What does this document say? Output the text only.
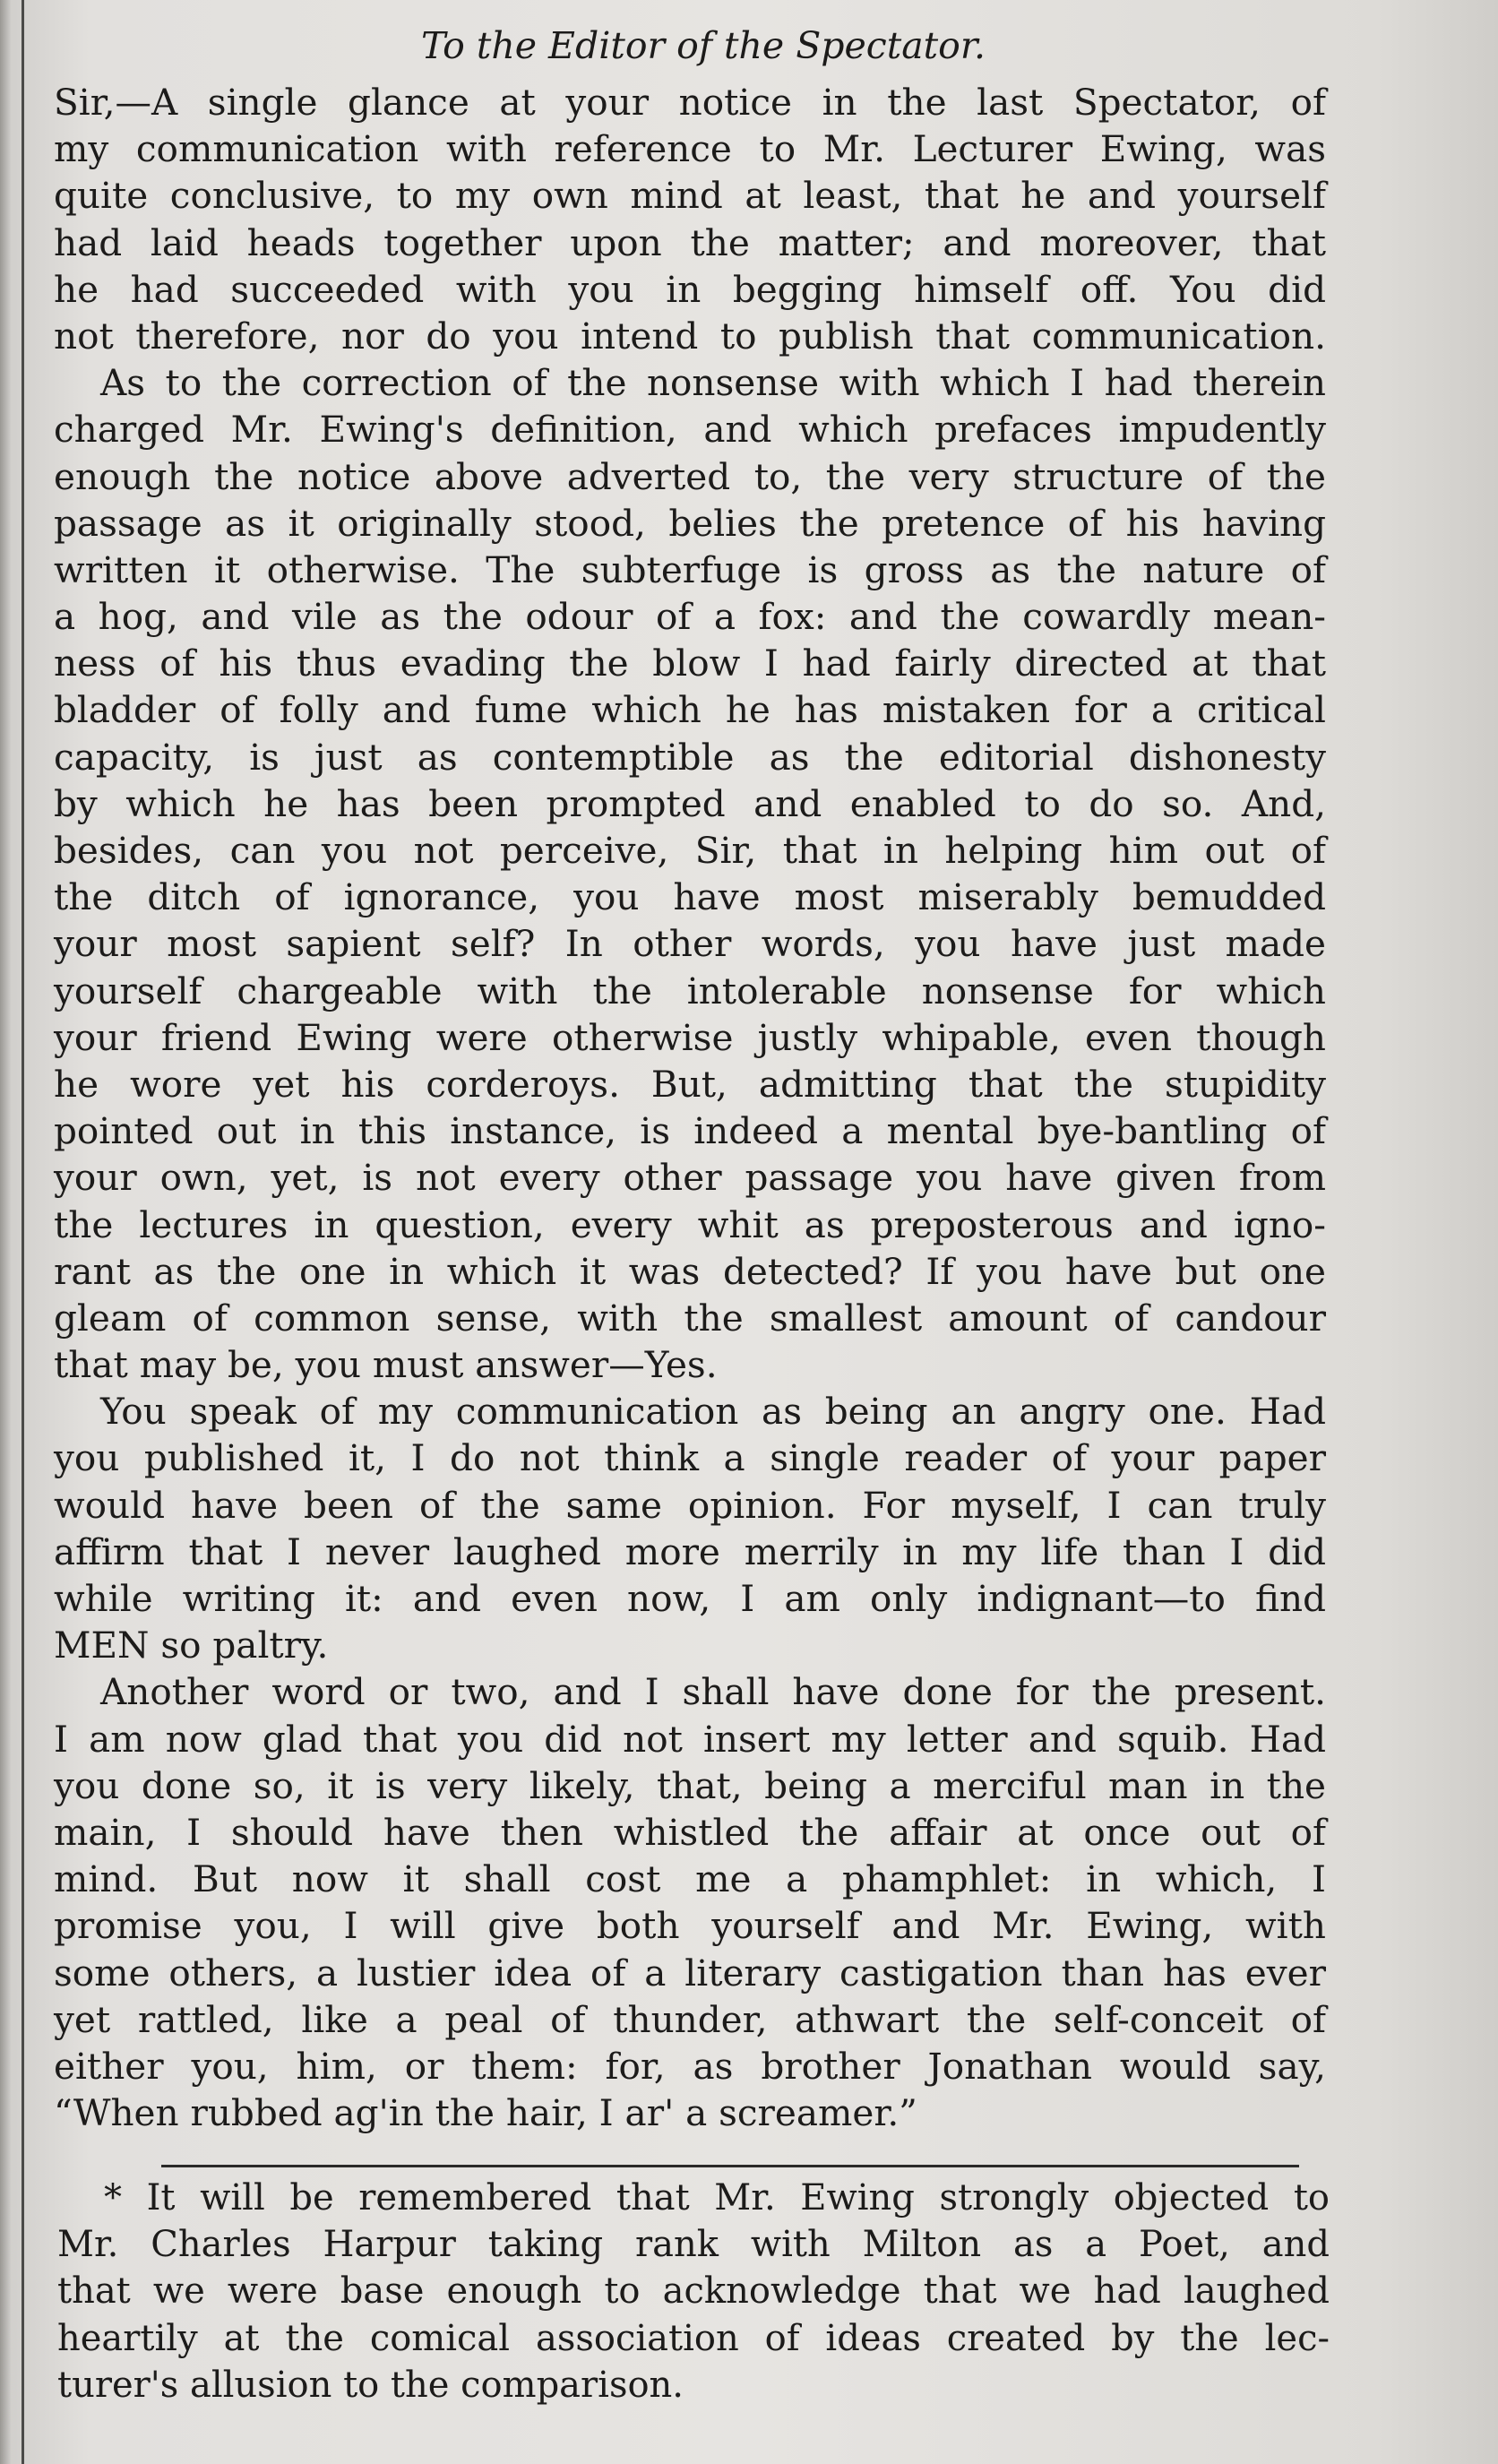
To the Editor of the Spectator.
Sir,—A single glance at your notice in the last Spectator, of
my communication with reference to Mr. Lecturer Ewing, was
quite conclusive, to my own mind at least, that he and yourself
had laid heads together upon the matter; and moreover, that
he had succeeded with you in begging himself off. You did
not therefore, nor do you intend to publish that communication.
As to the correction of the nonsense with which I had therein
charged Mr. Ewing's definition, and which prefaces impudently
enough the notice above adverted to, the very structure of the
passage as it originally stood, belies the pretence of his having
written it otherwise. The subterfuge is gross as the nature of
a hog, and vile as the odour of a fox: and the cowardly mean-
ness of his thus evading the blow I had fairly directed at that
bladder of folly and fume which he has mistaken for a critical
capacity, is just as contemptible as the editorial dishonesty
by which he has been prompted and enabled to do so. And,
besides, can you not perceive, Sir, that in helping him out of
the ditch of ignorance, you have most miserably bemudded
your most sapient self? In other words, you have just made
yourself chargeable with the intolerable nonsense for which
your friend Ewing were otherwise justly whipable, even though
he wore yet his corderoys. But, admitting that the stupidity
pointed out in this instance, is indeed a mental bye-bantling of
your own, yet, is not every other passage you have given from
the lectures in question, every whit as preposterous and igno-
rant as the one in which it was detected? If you have but one
gleam of common sense, with the smallest amount of candour
that may be, you must answer—Yes.
You speak of my communication as being an angry one. Had
you published it, I do not think a single reader of your paper
would have been of the same opinion. For myself, I can truly
affirm that I never laughed more merrily in my life than I did
while writing it: and even now, I am only indignant—to find
MEN so paltry.
Another word or two, and I shall have done for the present.
I am now glad that you did not insert my letter and squib. Had
you done so, it is very likely, that, being a merciful man in the
main, I should have then whistled the affair at once out of
mind. But now it shall cost me a phamphlet: in which, I
promise you, I will give both yourself and Mr. Ewing, with
some others, a lustier idea of a literary castigation than has ever
yet rattled, like a peal of thunder, athwart the self-conceit of
either you, him, or them: for, as brother Jonathan would say,
“When rubbed ag'in the hair, I ar' a screamer.”
* It will be remembered that Mr. Ewing strongly objected to
Mr. Charles Harpur taking rank with Milton as a Poet, and
that we were base enough to acknowledge that we had laughed
heartily at the comical association of ideas created by the lec-
turer's allusion to the comparison.
